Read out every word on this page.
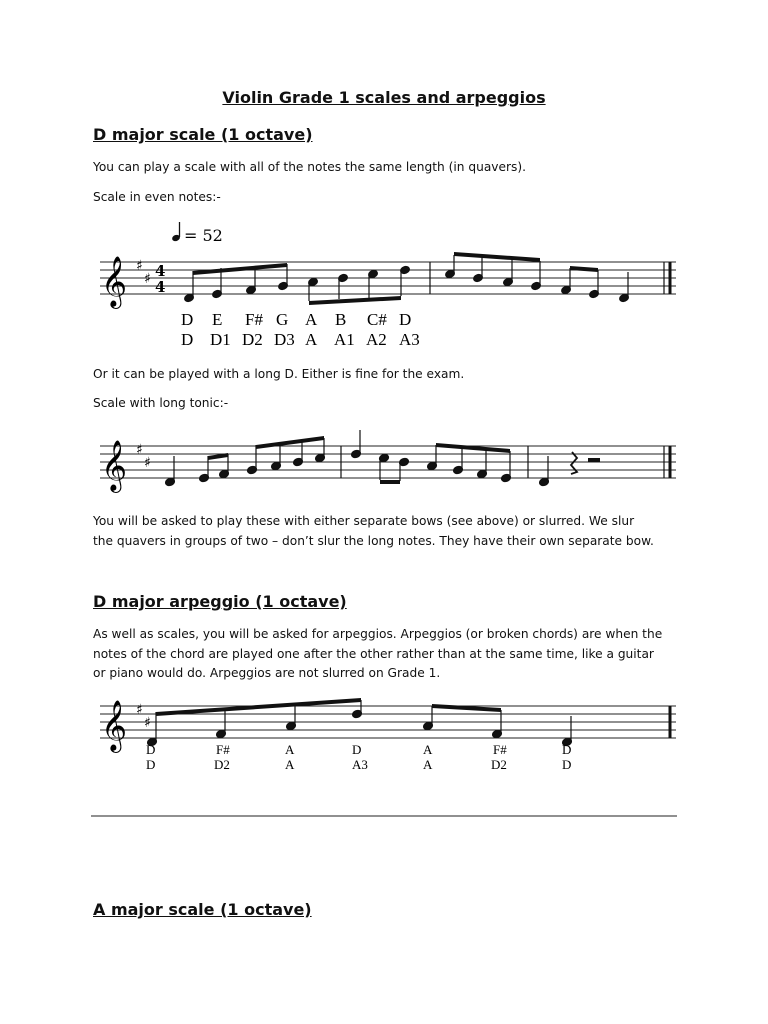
Violin Grade 1 scales and arpeggios
D major scale (1 octave)
You can play a scale with all of the notes the same length (in quavers).
Scale in even notes:-
= 52
𝄞 ♯
♯ 4
4
D E F# G A B C# D
D D1 D2 D3 A A1 A2 A3
Or it can be played with a long D. Either is fine for the exam.
Scale with long tonic:-
𝄞 ♯
♯
You will be asked to play these with either separate bows (see above) or slurred. We slur
the quavers in groups of two – don’t slur the long notes. They have their own separate bow.
D major arpeggio (1 octave)
As well as scales, you will be asked for arpeggios. Arpeggios (or broken chords) are when the
notes of the chord are played one after the other rather than at the same time, like a guitar
or piano would do. Arpeggios are not slurred on Grade 1.
𝄞 ♯
♯
D	F#	A	D	A	F#	D
D	D2	A	A3	A	D2	D
A major scale (1 octave)
